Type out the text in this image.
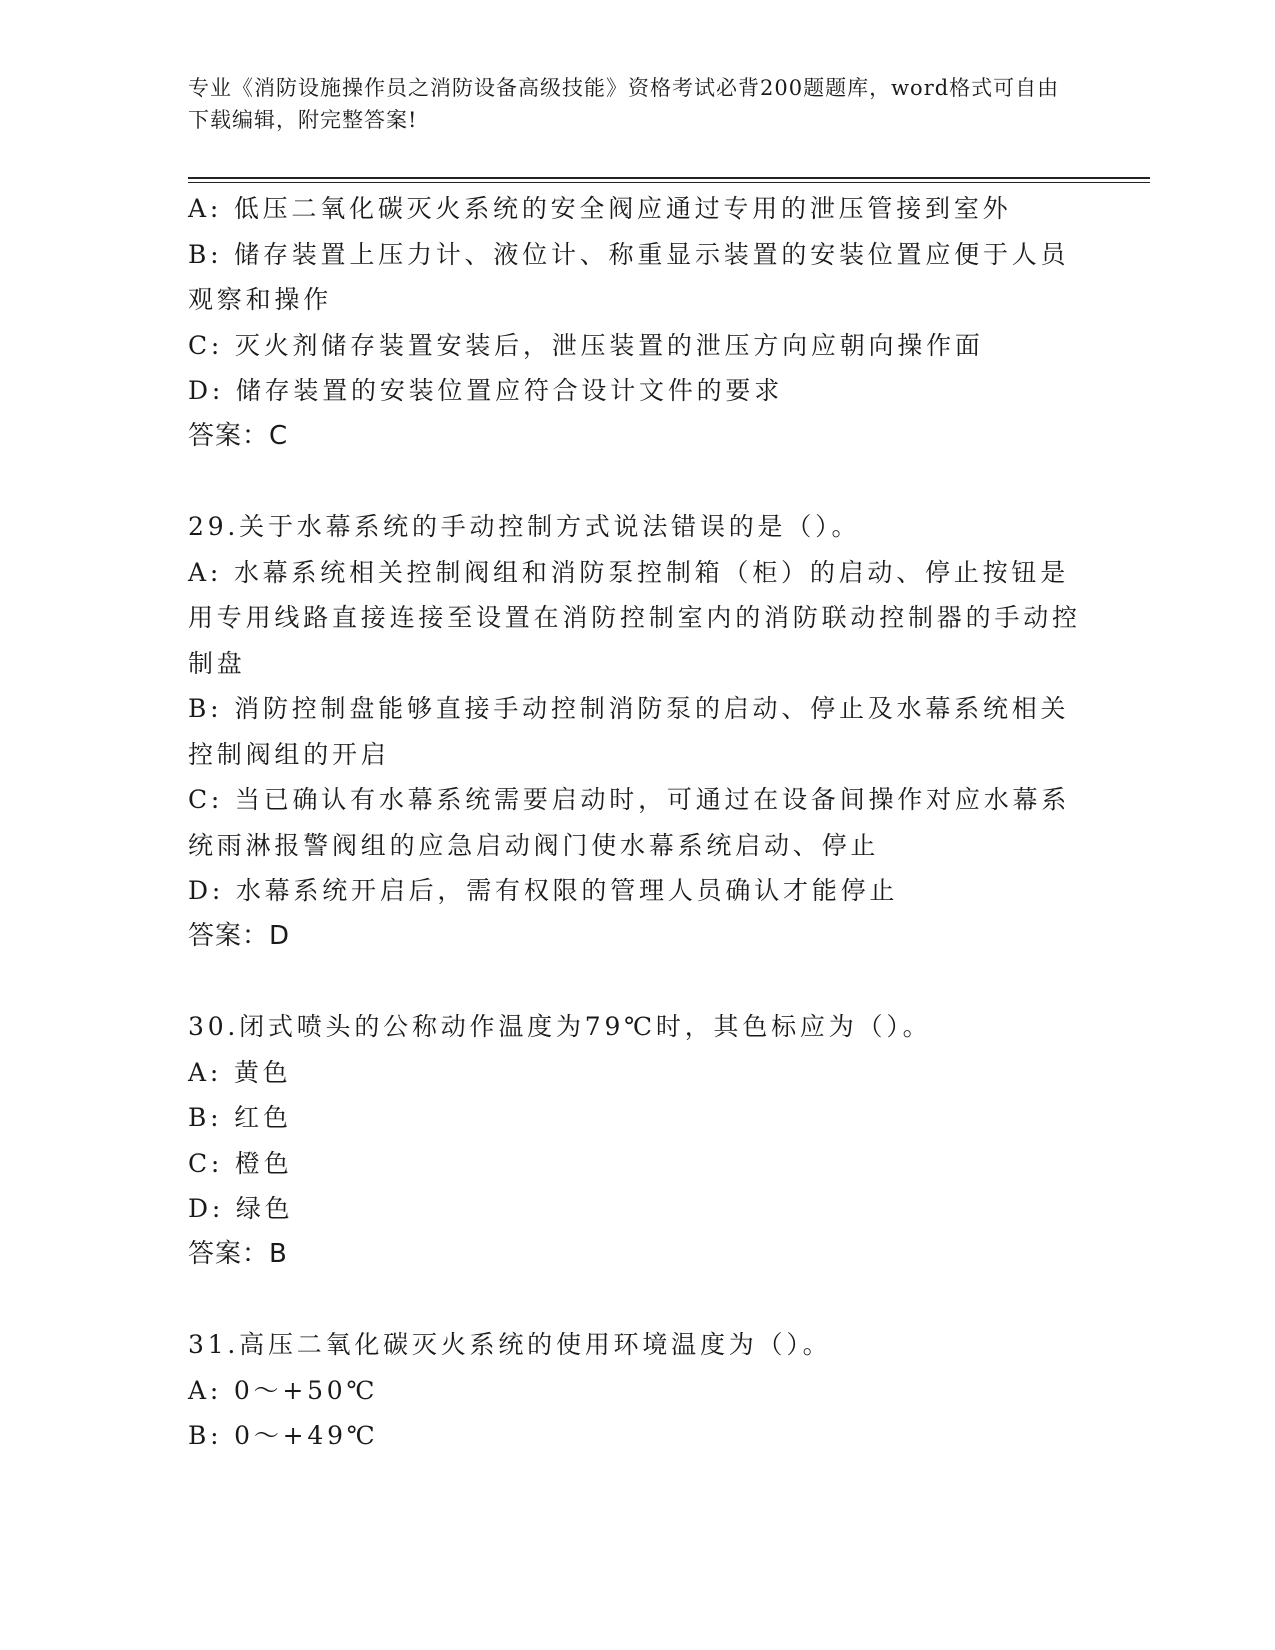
专业《消防设施操作员之消防设备高级技能》资格考试必背200题题库，word格式可自由下载编辑，附完整答案!
A: 低压二氧化碳灭火系统的安全阀应通过专用的泄压管接到室外
B: 储存装置上压力计、液位计、称重显示装置的安装位置应便于人员观察和操作
C: 灭火剂储存装置安装后，泄压装置的泄压方向应朝向操作面
D: 储存装置的安装位置应符合设计文件的要求
答案：C
29.关于水幕系统的手动控制方式说法错误的是（）。
A: 水幕系统相关控制阀组和消防泵控制箱（柜）的启动、停止按钮是用专用线路直接连接至设置在消防控制室内的消防联动控制器的手动控制盘
B: 消防控制盘能够直接手动控制消防泵的启动、停止及水幕系统相关控制阀组的开启
C: 当已确认有水幕系统需要启动时，可通过在设备间操作对应水幕系统雨淋报警阀组的应急启动阀门使水幕系统启动、停止
D: 水幕系统开启后，需有权限的管理人员确认才能停止
答案：D
30.闭式喷头的公称动作温度为79℃时，其色标应为（）。
A: 黄色
B: 红色
C: 橙色
D: 绿色
答案：B
31.高压二氧化碳灭火系统的使用环境温度为（）。
A: 0～+50℃
B: 0～+49℃
